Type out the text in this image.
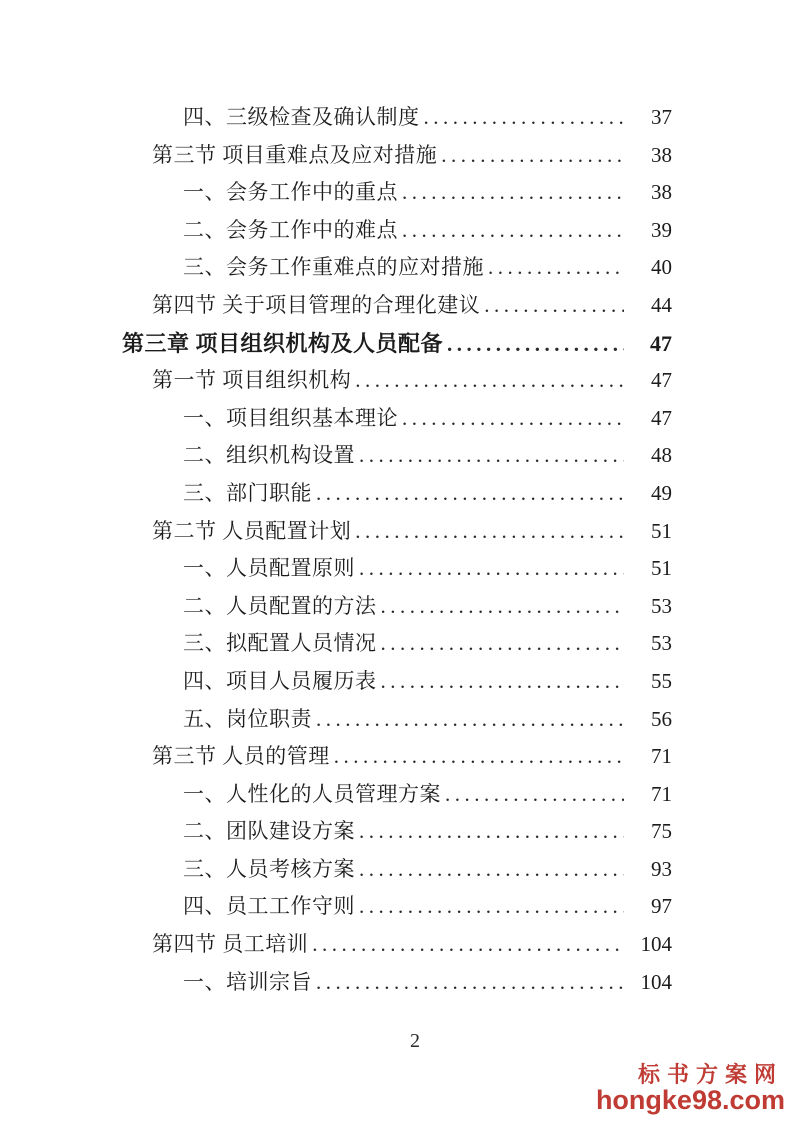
四、三级检查及确认制度 .....	37
第三节 项目重难点及应对措施 .....	38
一、会务工作中的重点 .....	38
二、会务工作中的难点 .....	39
三、会务工作重难点的应对措施 .....	40
第四节 关于项目管理的合理化建议 .....	44
第三章 项目组织机构及人员配备 .....	47
第一节 项目组织机构 .....	47
一、项目组织基本理论 .....	47
二、组织机构设置 .....	48
三、部门职能 .....	49
第二节 人员配置计划 .....	51
一、人员配置原则 .....	51
二、人员配置的方法 .....	53
三、拟配置人员情况 .....	53
四、项目人员履历表 .....	55
五、岗位职责 .....	56
第三节 人员的管理 .....	71
一、人性化的人员管理方案 .....	71
二、团队建设方案 .....	75
三、人员考核方案 .....	93
四、员工工作守则 .....	97
第四节 员工培训 .....	104
一、培训宗旨 .....	104
2
标书方案网
hongke98.com
